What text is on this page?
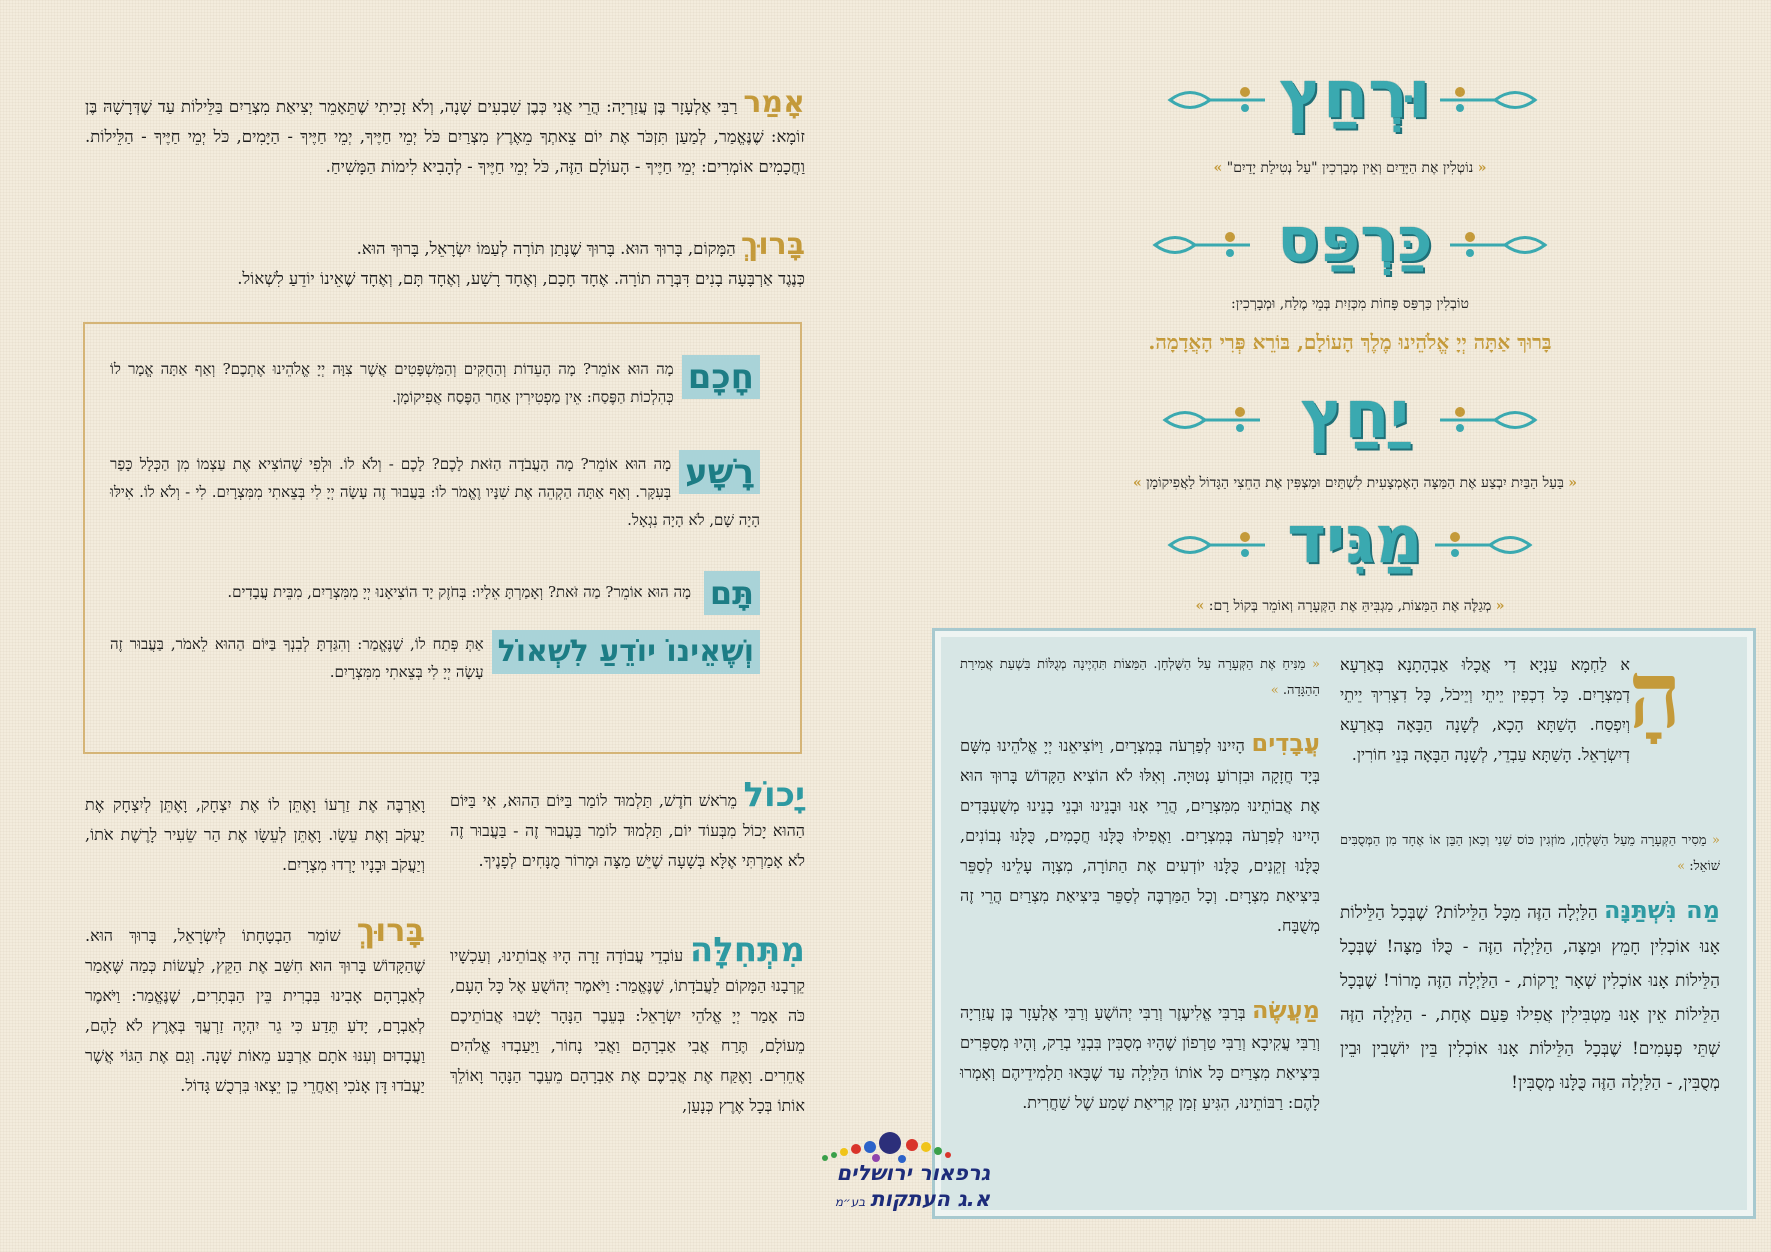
וּרְחַץ
« נוֹטְלִין אֶת הַיָּדַיִם וְאֵין מְבָרְכִין "עַל נְטִילַת יָדַיִם" »
כַּרְפַּס
טוֹבְלִין כַּרְפַּס פָּחוֹת מִכְּזַיִת בְּמֵי מֶלַח, וּמְבָרְכִין:
בָּרוּךְ אַתָּה יְיָ אֱלֹהֵינוּ מֶלֶךְ הָעוֹלָם, בּוֹרֵא פְּרִי הָאֲדָמָה.
יַחַץ
« בַּעַל הַבַּיִת יִבְצַע אֶת הַמַּצָּה הָאֶמְצָעִית לִשְׁתַּיִם וּמַצְפִּין אֶת הַחֵצִי הַגָּדוֹל לַאֲפִיקוֹמָן »
מַגִּיד
« מְגַלֶּה אֶת הַמַּצּוֹת, מַגְבִּיהַּ אֶת הַקְּעָרָה וְאוֹמֵר בְּקוֹל רָם: »
הָ
א לַחְמָא עַנְיָא דִי אֲכָלוּ אַבְהָתָנָא בְּאַרְעָא דְמִצְרָיִם. כָּל דִכְפִין יֵיתֵי וְיֵיכֹל, כָּל דִצְרִיךְ יֵיתֵי וְיִפְסַח. הָשַׁתָּא הָכָא, לְשָׁנָה הַבָּאָה בְּאַרְעָא דְיִשְׂרָאֵל. הָשַׁתָּא עַבְדֵי, לְשָׁנָה הַבָּאָה בְּנֵי חוֹרִין.
« מֵסִיר הַקְּעָרָה מֵעַל הַשֻּׁלְחָן, מוֹזְגִין כּוֹס שֵׁנִי וְכַאן הַבֵּן אוֹ אֶחָד מִן הַמְּסֻבִּים שׁוֹאֵל: »
מַה נִּשְׁתַּנָּה הַלַּיְלָה הַזֶּה מִכָּל הַלֵּילוֹת? שֶׁבְּכָל הַלֵּילוֹת אָנוּ אוֹכְלִין חָמֵץ וּמַצָּה, הַלַּיְלָה הַזֶּה - כֻּלּוֹ מַצָּה! שֶׁבְּכָל הַלֵּילוֹת אָנוּ אוֹכְלִין שְׁאָר יְרָקוֹת, - הַלַּיְלָה הַזֶּה מָרוֹר! שֶׁבְּכָל הַלֵּילוֹת אֵין אָנוּ מַטְבִּילִין אֲפִילוּ פַּעַם אֶחָת, - הַלַּיְלָה הַזֶּה שְׁתֵּי פְעָמִים! שֶׁבְּכָל הַלֵּילוֹת אָנוּ אוֹכְלִין בֵּין יוֹשְׁבִין וּבֵין מְסֻבִּין, - הַלַּיְלָה הַזֶּה כֻּלָּנוּ מְסֻבִּין!
« מַנִּיחַ אֶת הַקְּעָרָה עַל הַשֻּׁלְחָן. הַמַּצּוֹת תִּהְיֶינָה מְגֻלּוֹת בִּשְׁעַת אֲמִירַת הַהַגָּדָה. »
עֲבָדִים הָיִינוּ לְפַרְעֹה בְּמִצְרָיִם, וַיּוֹצִיאֵנוּ יְיָ אֱלֹהֵינוּ מִשָּׁם בְּיָד חֲזָקָה וּבִזְרוֹעַ נְטוּיָה. וְאִלּוּ לֹא הוֹצִיא הַקָּדוֹשׁ בָּרוּךְ הוּא אֶת אֲבוֹתֵינוּ מִמִּצְרַיִם, הֲרֵי אָנוּ וּבָנֵינוּ וּבְנֵי בָנֵינוּ מְשֻׁעְבָּדִים הָיִינוּ לְפַרְעֹה בְּמִצְרָיִם. וַאֲפִילוּ כֻּלָּנוּ חֲכָמִים, כֻּלָּנוּ נְבוֹנִים, כֻּלָּנוּ זְקֵנִים, כֻּלָּנוּ יוֹדְעִים אֶת הַתּוֹרָה, מִצְוָה עָלֵינוּ לְסַפֵּר בִּיצִיאַת מִצְרָיִם. וְכָל הַמַּרְבֶּה לְסַפֵּר בִּיצִיאַת מִצְרַיִם הֲרֵי זֶה מְשֻׁבָּח.
מַעֲשֶׂה בְּרַבִּי אֱלִיעֶזֶר וְרַבִּי יְהוֹשֻׁעַ וְרַבִּי אֶלְעָזָר בֶּן עֲזַרְיָה וְרַבִּי עֲקִיבָא וְרַבִּי טַרְפוֹן שֶׁהָיוּ מְסֻבִּין בִּבְנֵי בְרַק, וְהָיוּ מְסַפְּרִים בִּיצִיאַת מִצְרַיִם כָּל אוֹתוֹ הַלַּיְלָה עַד שֶׁבָּאוּ תַלְמִידֵיהֶם וְאָמְרוּ לָהֶם: רַבּוֹתֵינוּ, הִגִּיעַ זְמַן קְרִיאַת שְׁמַע שֶׁל שַׁחֲרִית.
גרפאור ירושלים
א.ג העתקות בע״מ
אָמַר רַבִּי אֶלְעָזָר בֶּן עֲזַרְיָה: הֲרֵי אֲנִי כְּבֶן שִׁבְעִים שָׁנָה, וְלֹא זָכִיתִי שֶׁתֵּאָמֵר יְצִיאַת מִצְרַיִם בַּלֵּילוֹת עַד שֶׁדְּרָשָׁהּ בֶּן זוֹמָא: שֶׁנֶּאֱמַר, לְמַעַן תִּזְכֹּר אֶת יוֹם צֵאתְךָ מֵאֶרֶץ מִצְרַיִם כֹּל יְמֵי חַיֶּיךָ, יְמֵי חַיֶּיךָ - הַיָּמִים, כֹּל יְמֵי חַיֶּיךָ - הַלֵּילוֹת. וַחֲכָמִים אוֹמְרִים: יְמֵי חַיֶּיךָ - הָעוֹלָם הַזֶּה, כֹּל יְמֵי חַיֶּיךָ - לְהָבִיא לִימוֹת הַמָּשִׁיחַ.
בָּרוּךְ הַמָּקוֹם, בָּרוּךְ הוּא. בָּרוּךְ שֶׁנָּתַן תּוֹרָה לְעַמּוֹ יִשְׂרָאֵל, בָּרוּךְ הוּא.
כְּנֶגֶד אַרְבָּעָה בָנִים דִּבְּרָה תוֹרָה. אֶחָד חָכָם, וְאֶחָד רָשָׁע, וְאֶחָד תָּם, וְאֶחָד שֶׁאֵינוֹ יוֹדֵעַ לִשְׁאוֹל.
חָכָם
מָה הוּא אוֹמֵר? מָה הָעֵדוֹת וְהַחֻקִּים וְהַמִּשְׁפָּטִים אֲשֶׁר צִוָּה יְיָ אֱלֹהֵינוּ אֶתְכֶם? וְאַף אַתָּה אֱמָר לוֹ כְּהִלְכוֹת הַפֶּסַח: אֵין מַפְטִירִין אַחַר הַפֶּסַח אֲפִיקוֹמָן.
רָשָׁע
מָה הוּא אוֹמֵר? מָה הָעֲבֹדָה הַזֹּאת לָכֶם? לָכֶם - וְלֹא לוֹ. וּלְפִי שֶׁהוֹצִיא אֶת עַצְמוֹ מִן הַכְּלָל כָּפַר בְּעִקָּר. וְאַף אַתָּה הַקְהֵה אֶת שִׁנָּיו וֶאֱמֹר לוֹ: בַּעֲבוּר זֶה עָשָׂה יְיָ לִי בְּצֵאתִי מִמִּצְרָיִם. לִי - וְלֹא לוֹ. אִילּוּ הָיָה שָׁם, לֹא הָיָה נִגְאָל.
תָּם מָה הוּא אוֹמֵר? מַה זֹּאת? וְאָמַרְתָּ אֵלָיו: בְּחֹזֶק יָד הוֹצִיאָנוּ יְיָ מִמִּצְרַיִם, מִבֵּית עֲבָדִים.
וְשֶׁאֵינוֹ יוֹדֵעַ לִשְׁאוֹל
אַתְּ פְּתַח לוֹ, שֶׁנֶּאֱמַר: וְהִגַּדְתָּ לְבִנְךָ בַּיּוֹם הַהוּא לֵאמֹר, בַּעֲבוּר זֶה עָשָׂה יְיָ לִי בְּצֵאתִי מִמִּצְרָיִם.
יָכוֹל מֵרֹאשׁ חֹדֶשׁ, תַּלְמוּד לוֹמַר בַּיּוֹם הַהוּא, אִי בַּיּוֹם הַהוּא יָכוֹל מִבְּעוֹד יוֹם, תַּלְמוּד לוֹמַר בַּעֲבוּר זֶה - בַּעֲבוּר זֶה לֹא אָמַרְתִּי אֶלָּא בְּשָׁעָה שֶׁיֵּשׁ מַצָּה וּמָרוֹר מֻנָּחִים לְפָנֶיךָ.
מִתְּחִלָּה עוֹבְדֵי עֲבוֹדָה זָרָה הָיוּ אֲבוֹתֵינוּ, וְעַכְשָׁיו קֵרְבָנוּ הַמָּקוֹם לַעֲבֹדָתוֹ, שֶׁנֶּאֱמַר: וַיֹּאמֶר יְהוֹשֻׁעַ אֶל כָּל הָעָם, כֹּה אָמַר יְיָ אֱלֹהֵי יִשְׂרָאֵל: בְּעֵבֶר הַנָּהָר יָשְׁבוּ אֲבוֹתֵיכֶם מֵעוֹלָם, תֶּרַח אֲבִי אַבְרָהָם וַאֲבִי נָחוֹר, וַיַּעַבְדוּ אֱלֹהִים אֲחֵרִים. וָאֶקַּח אֶת אֲבִיכֶם אֶת אַבְרָהָם מֵעֵבֶר הַנָּהָר וָאוֹלֵךְ אוֹתוֹ בְּכָל אֶרֶץ כְּנָעַן,
וָאַרְבֶּה אֶת זַרְעוֹ וָאֶתֵּן לוֹ אֶת יִצְחָק, וָאֶתֵּן לְיִצְחָק אֶת יַעֲקֹב וְאֶת עֵשָׂו. וָאֶתֵּן לְעֵשָׂו אֶת הַר שֵׂעִיר לָרֶשֶׁת אֹתוֹ, וְיַעֲקֹב וּבָנָיו יָרְדוּ מִצְרָיִם.
בָּרוּךְ שׁוֹמֵר הַבְטָחָתוֹ לְיִשְׂרָאֵל, בָּרוּךְ הוּא. שֶׁהַקָּדוֹשׁ בָּרוּךְ הוּא חִשַּׁב אֶת הַקֵּץ, לַעֲשׂוֹת כְּמַה שֶּׁאָמַר לְאַבְרָהָם אָבִינוּ בִּבְרִית בֵּין הַבְּתָרִים, שֶׁנֶּאֱמַר: וַיֹּאמֶר לְאַבְרָם, יָדֹעַ תֵּדַע כִּי גֵר יִהְיֶה זַרְעֲךָ בְּאֶרֶץ לֹא לָהֶם, וַעֲבָדוּם וְעִנּוּ אֹתָם אַרְבַּע מֵאוֹת שָׁנָה. וְגַם אֶת הַגּוֹי אֲשֶׁר יַעֲבֹדוּ דָּן אָנֹכִי וְאַחֲרֵי כֵן יֵצְאוּ בִּרְכֻשׁ גָּדוֹל.
